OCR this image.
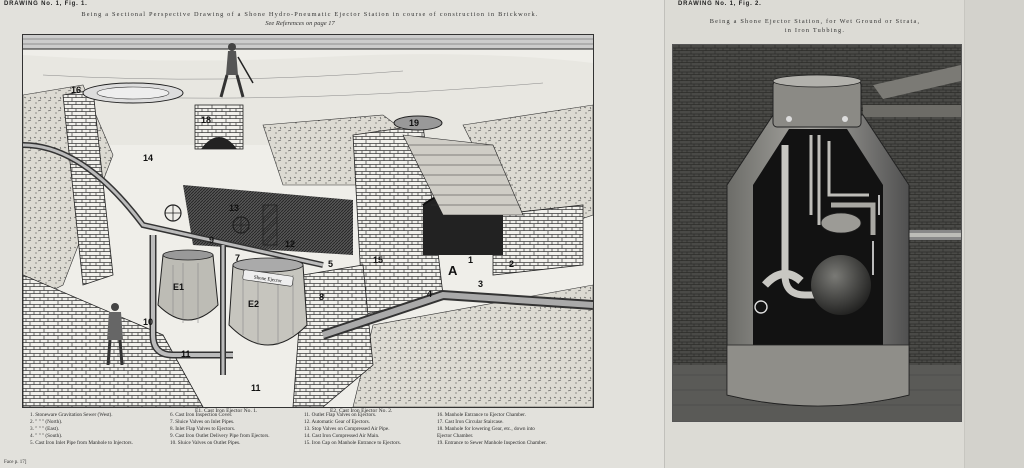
DRAWING No. 1, Fig. 1.
Being a Sectional Perspective Drawing of a Shone Hydro-Pneumatic Ejector Station in course of construction in Brickwork.
See References on page 17
Shone Ejector
16
18	19
14
13
9
7
12
5
E1
E2
8
10
11
11
15
A
1	2
3
4
E1. Cast Iron Ejector No. 1.	E2. Cast Iron Ejector No. 2.
1. Stoneware Gravitation Sewer (West).
2. " " " (North).
3. " " " (East).
4. " " " (South).
5. Cast Iron Inlet Pipe from Manhole to Injectors.
6. Cast Iron Inspection Cover.
7. Sluice Valves on Inlet Pipes.
8. Inlet Flap Valves to Ejectors.
9. Cast Iron Outlet Delivery Pipe from Ejectors.
10. Sluice Valves on Outlet Pipes.
11. Outlet Flap Valves on Ejectors.
12. Automatic Gear of Ejectors.
13. Stop Valves on Compressed Air Pipe.
14. Cast Iron Compressed Air Main.
15. Iron Cap on Manhole Entrance to Ejectors.
16. Manhole Entrance to Ejector Chamber.
17. Cast Iron Circular Staircase.
18. Manhole for lowering Gear, etc., down into
Ejector Chamber.
19. Entrance to Sewer Manhole Inspection Chamber.
Face p. 17]
DRAWING No. 1, Fig. 2.
Being a Shone Ejector Station, for Wet Ground or Strata,
in Iron Tubbing.
